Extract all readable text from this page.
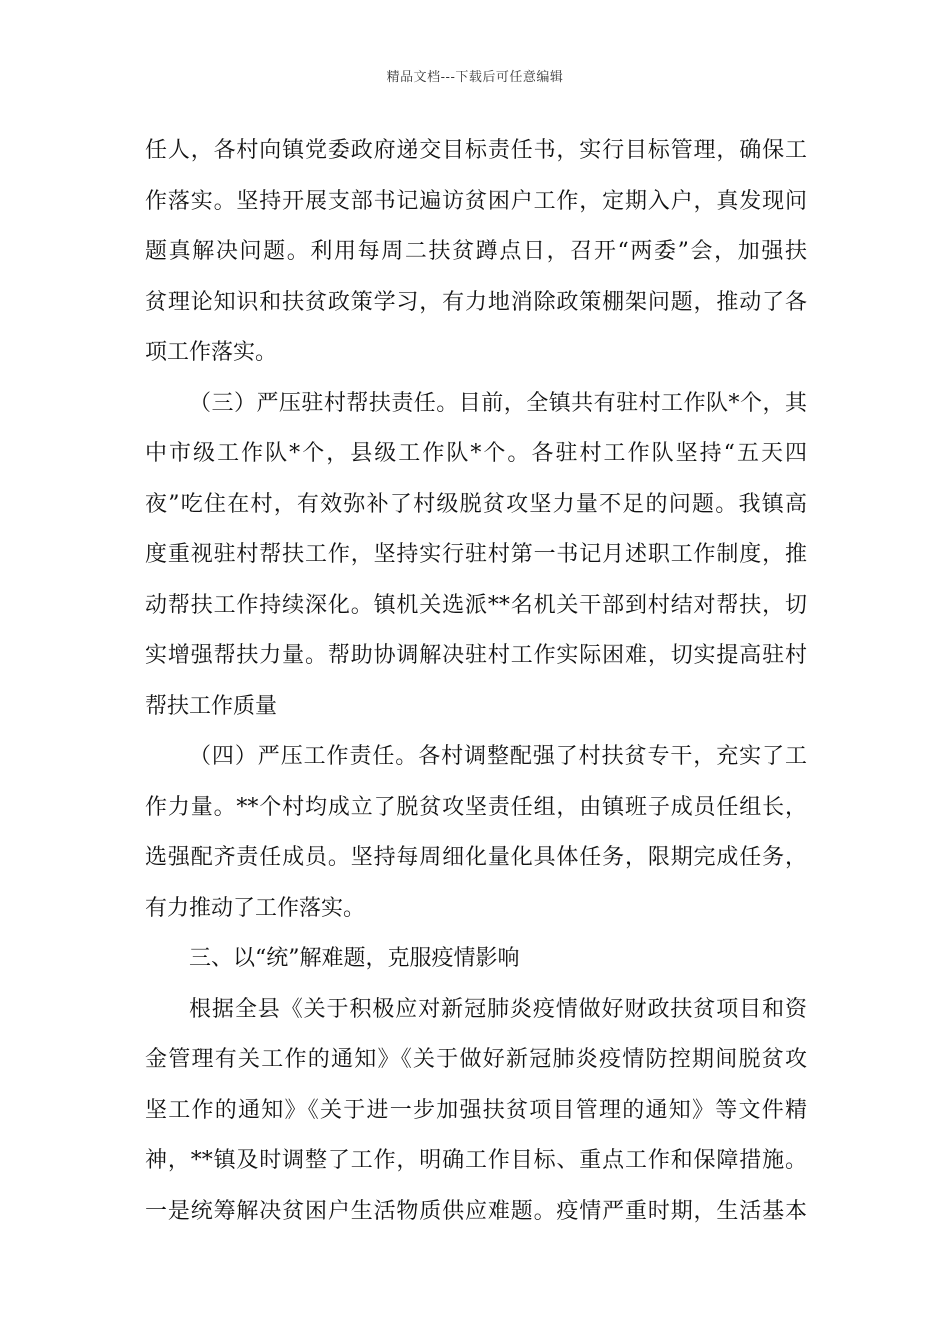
精品文档---下载后可任意编辑
任人，各村向镇党委政府递交目标责任书，实行目标管理，确保工
作落实。坚持开展支部书记遍访贫困户工作，定期入户，真发现问
题真解决问题。利用每周二扶贫蹲点日，召开“两委”会，加强扶
贫理论知识和扶贫政策学习，有力地消除政策棚架问题，推动了各
项工作落实。
（三）严压驻村帮扶责任。目前，全镇共有驻村工作队*个，其
中市级工作队*个，县级工作队*个。各驻村工作队坚持“五天四
夜”吃住在村，有效弥补了村级脱贫攻坚力量不足的问题。我镇高
度重视驻村帮扶工作，坚持实行驻村第一书记月述职工作制度，推
动帮扶工作持续深化。镇机关选派**名机关干部到村结对帮扶，切
实增强帮扶力量。帮助协调解决驻村工作实际困难，切实提高驻村
帮扶工作质量
（四）严压工作责任。各村调整配强了村扶贫专干，充实了工
作力量。**个村均成立了脱贫攻坚责任组，由镇班子成员任组长，
选强配齐责任成员。坚持每周细化量化具体任务，限期完成任务，
有力推动了工作落实。
三、以“统”解难题，克服疫情影响
根据全县《关于积极应对新冠肺炎疫情做好财政扶贫项目和资
金管理有关工作的通知》《关于做好新冠肺炎疫情防控期间脱贫攻
坚工作的通知》《关于进一步加强扶贫项目管理的通知》等文件精
神，**镇及时调整了工作，明确工作目标、重点工作和保障措施。
一是统筹解决贫困户生活物质供应难题。疫情严重时期，生活基本
